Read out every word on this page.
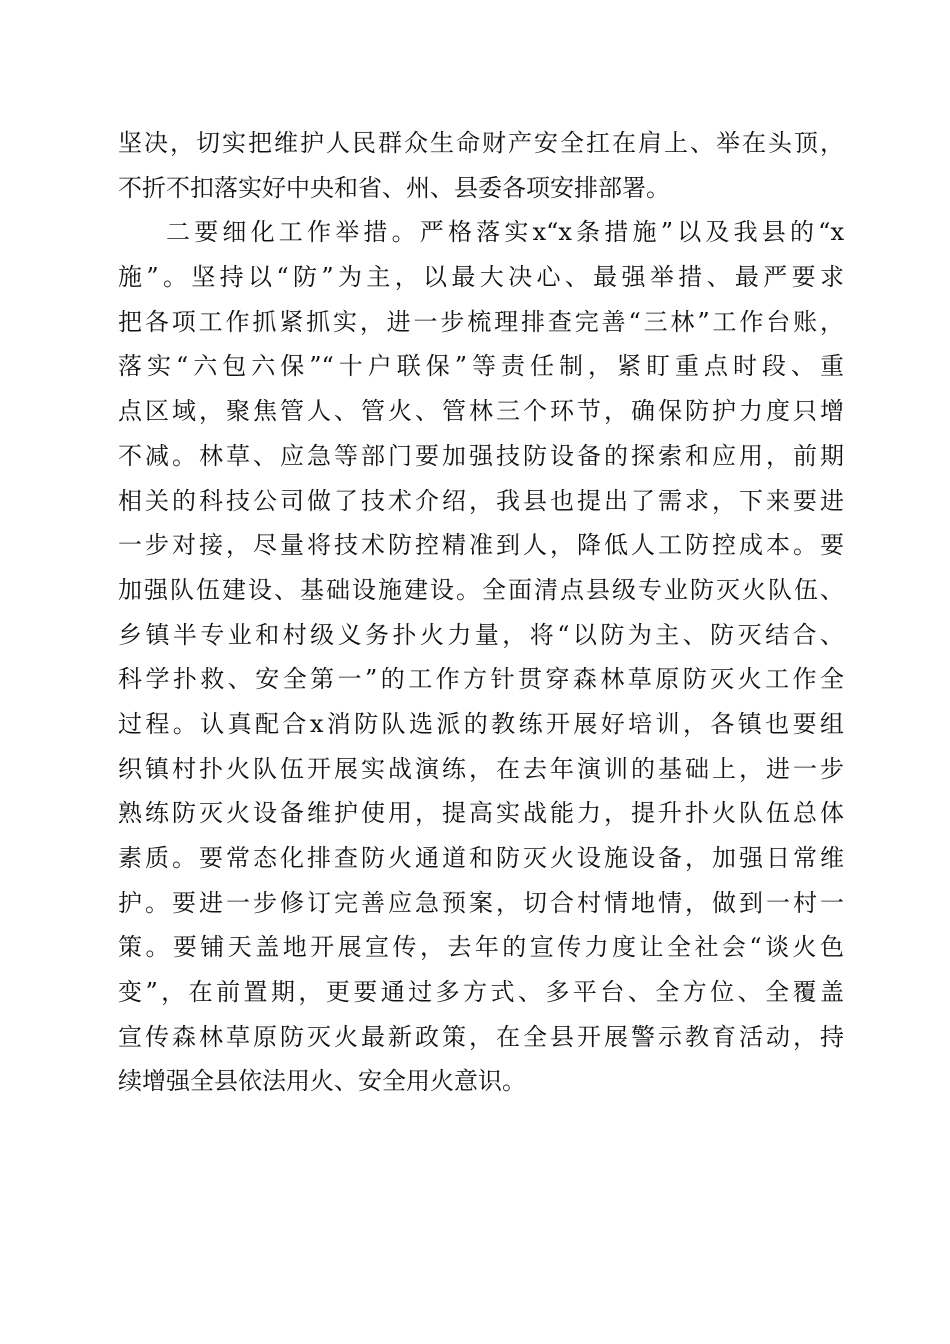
坚决，切实把维护人民群众生命财产安全扛在肩上、举在头顶，
不折不扣落实好中央和省、州、县委各项安排部署。
二要细化工作举措。严格落实x“x条措施”以及我县的“x
施”。坚持以“防”为主，以最大决心、最强举措、最严要求
把各项工作抓紧抓实，进一步梳理排查完善“三林”工作台账，
落实“六包六保”“十户联保”等责任制，紧盯重点时段、重
点区域，聚焦管人、管火、管林三个环节，确保防护力度只增
不减。林草、应急等部门要加强技防设备的探索和应用，前期
相关的科技公司做了技术介绍，我县也提出了需求，下来要进
一步对接，尽量将技术防控精准到人，降低人工防控成本。要
加强队伍建设、基础设施建设。全面清点县级专业防灭火队伍、
乡镇半专业和村级义务扑火力量，将“以防为主、防灭结合、
科学扑救、安全第一”的工作方针贯穿森林草原防灭火工作全
过程。认真配合x消防队选派的教练开展好培训，各镇也要组
织镇村扑火队伍开展实战演练，在去年演训的基础上，进一步
熟练防灭火设备维护使用，提高实战能力，提升扑火队伍总体
素质。要常态化排查防火通道和防灭火设施设备，加强日常维
护。要进一步修订完善应急预案，切合村情地情，做到一村一
策。要铺天盖地开展宣传，去年的宣传力度让全社会“谈火色
变”，在前置期，更要通过多方式、多平台、全方位、全覆盖
宣传森林草原防灭火最新政策，在全县开展警示教育活动，持
续增强全县依法用火、安全用火意识。
